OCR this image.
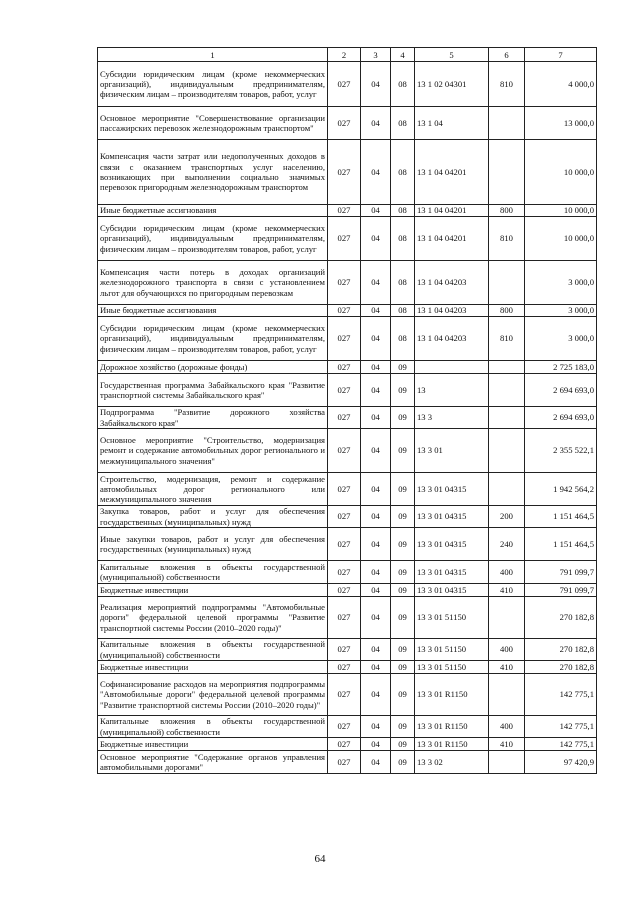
1	2	3	4	5	6	7
Субсидии юридическим лицам (кроме некоммерческих организаций), индивидуальным предпринимателям, физическим лицам – производителям товаров, работ, услуг	027	04	08	13 1 02 04301	810	4 000,0
Основное мероприятие "Совершенствование организации пассажирских перевозок железнодорожным транспортом"	027	04	08	13 1 04		13 000,0
Компенсация части затрат или недополученных доходов в связи с оказанием транспортных услуг населению, возникающих при выполнении социально значимых перевозок пригородным железнодорожным транспортом	027	04	08	13 1 04 04201		10 000,0
Иные бюджетные ассигнования	027	04	08	13 1 04 04201	800	10 000,0
Субсидии юридическим лицам (кроме некоммерческих организаций), индивидуальным предпринимателям, физическим лицам – производителям товаров, работ, услуг	027	04	08	13 1 04 04201	810	10 000,0
Компенсация части потерь в доходах организаций железнодорожного транспорта в связи с установлением льгот для обучающихся по пригородным перевозкам	027	04	08	13 1 04 04203		3 000,0
Иные бюджетные ассигнования	027	04	08	13 1 04 04203	800	3 000,0
Субсидии юридическим лицам (кроме некоммерческих организаций), индивидуальным предпринимателям, физическим лицам – производителям товаров, работ, услуг	027	04	08	13 1 04 04203	810	3 000,0
Дорожное хозяйство (дорожные фонды)	027	04	09			2 725 183,0
Государственная программа Забайкальского края "Развитие транспортной системы Забайкальского края"	027	04	09	13		2 694 693,0
Подпрограмма "Развитие дорожного хозяйства Забайкальского края"	027	04	09	13 3		2 694 693,0
Основное мероприятие "Строительство, модернизация ремонт и содержание автомобильных дорог регионального и межмуниципального значения"	027	04	09	13 3 01		2 355 522,1
Строительство, модернизация, ремонт и содержание автомобильных дорог регионального или межмуниципального значения	027	04	09	13 3 01 04315		1 942 564,2
Закупка товаров, работ и услуг для обеспечения государственных (муниципальных) нужд	027	04	09	13 3 01 04315	200	1 151 464,5
Иные закупки товаров, работ и услуг для обеспечения государственных (муниципальных) нужд	027	04	09	13 3 01 04315	240	1 151 464,5
Капитальные вложения в объекты государственной (муниципальной) собственности	027	04	09	13 3 01 04315	400	791 099,7
Бюджетные инвестиции	027	04	09	13 3 01 04315	410	791 099,7
Реализация мероприятий подпрограммы "Автомобильные дороги" федеральной целевой программы "Развитие транспортной системы России (2010–2020 годы)"	027	04	09	13 3 01 51150		270 182,8
Капитальные вложения в объекты государственной (муниципальной) собственности	027	04	09	13 3 01 51150	400	270 182,8
Бюджетные инвестиции	027	04	09	13 3 01 51150	410	270 182,8
Софинансирование расходов на мероприятия подпрограммы "Автомобильные дороги" федеральной целевой программы "Развитие транспортной системы России (2010–2020 годы)"	027	04	09	13 3 01 R1150		142 775,1
Капитальные вложения в объекты государственной (муниципальной) собственности	027	04	09	13 3 01 R1150	400	142 775,1
Бюджетные инвестиции	027	04	09	13 3 01 R1150	410	142 775,1
Основное мероприятие "Содержание органов управления автомобильными дорогами"	027	04	09	13 3 02		97 420,9
64
